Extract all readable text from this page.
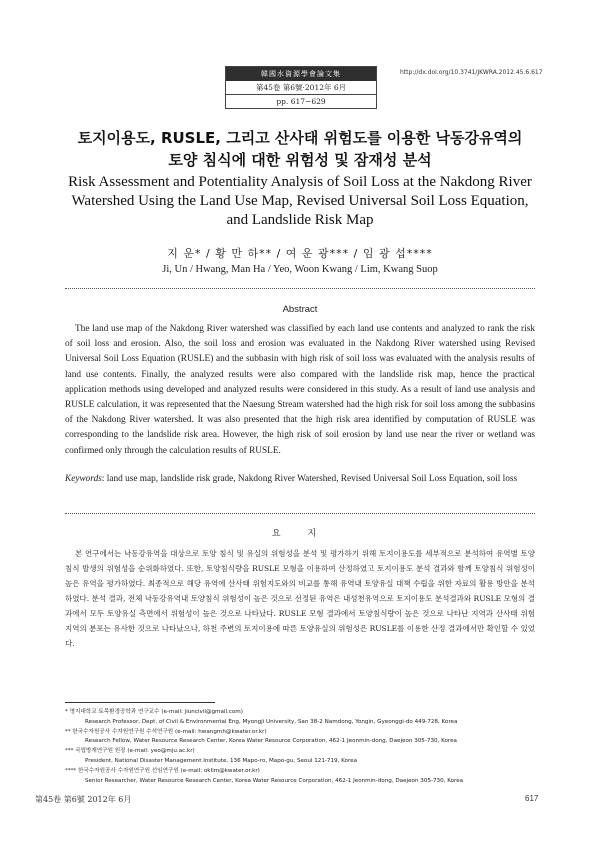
韓國水資源學會論文集
第45卷 第6號·2012年 6月
pp. 617~629
http://dx.doi.org/10.3741/JKWRA.2012.45.6.617
토지이용도, RUSLE, 그리고 산사태 위험도를 이용한 낙동강유역의
토양 침식에 대한 위험성 및 잠재성 분석
Risk Assessment and Potentiality Analysis of Soil Loss at the Nakdong River
Watershed Using the Land Use Map, Revised Universal Soil Loss Equation,
and Landslide Risk Map
지 운* / 황 만 하** / 여 운 광*** / 임 광 섭****
Ji, Un / Hwang, Man Ha / Yeo, Woon Kwang / Lim, Kwang Suop
Abstract

The land use map of the Nakdong River watershed was classified by each land use contents and analyzed to rank the risk of soil loss and erosion. Also, the soil loss and erosion was evaluated in the Nakdong River watershed using Revised Universal Soil Loss Equation (RUSLE) and the subbasin with high risk of soil loss was evaluated with the analysis results of land use contents. Finally, the analyzed results were also compared with the landslide risk map, hence the practical application methods using developed and analyzed results were considered in this study. As a result of land use analysis and RUSLE calculation, it was represented that the Naesung Stream watershed had the high risk for soil loss among the subbasins of the Nakdong River watershed. It was also presented that the high risk area identified by computation of RUSLE was corresponding to the landslide risk area. However, the high risk of soil erosion by land use near the river or wetland was confirmed only through the calculation results of RUSLE.

Keywords: land use map, landslide risk grade, Nakdong River Watershed, Revised Universal Soil Loss Equation, soil loss

요 지

본 연구에서는 낙동강유역을 대상으로 토양 침식 및 유실의 위험성을 분석 및 평가하기 위해 토지이용도를 세부적으로 분석하여 유역별 토양침식 발생의 위험성을 순위화하였다. 또한, 토양침식량을 RUSLE 모형을 이용하여 산정하였고 토지이용도 분석 결과와 함께 토양침식 위험성이 높은 유역을 평가하였다. 최종적으로 해당 유역에 산사태 위험지도와의 비교를 통해 유역내 토양유실 대책 수립을 위한 자료의 활용 방안을 분석하였다. 분석 결과, 전체 낙동강유역내 토양침식 위험성이 높은 것으로 선정된 유역은 내성천유역으로 토지이용도 분석결과와 RUSLE 모형의 결과에서 모두 토양유실 측면에서 위험성이 높은 것으로 나타났다. RUSLE 모형 결과에서 토양침식량이 높은 것으로 나타난 지역과 산사태 위험 지역의 분포는 유사한 것으로 나타났으나, 하천 주변의 토지이용에 따른 토양유실의 위험성은 RUSLE를 이용한 산정 결과에서만 확인할 수 있었다.

* 명지대학교 토목환경공학과 연구교수 (e-mail: jiuncivil@gmail.com)
Research Professor, Dept. of Civil & Environmental Eng, Myongji University, San 38-2 Namdong, Yongin, Gyeonggi-do 449-728, Korea
** 한국수자원공사 수자원연구원 수석연구원 (e-mail: hwangmh@kwater.or.kr)
Research Fellow, Water Resource Research Center, Korea Water Resource Corporation, 462-1 Jeonmin-dong, Daejeon 305-730, Korea
*** 국립방재연구원 원장 (e-mail: yeo@mju.ac.kr)
President, National Disaster Management Institute, 136 Mapo-ro, Mapo-gu, Seoul 121-719, Korea
**** 한국수자원공사 수자원연구원 선임연구원 (e-mail: oklim@kwater.or.kr)
Senior Researcher, Water Resource Research Center, Korea Water Resource Corporation, 462-1 Jeonmin-dong, Daejeon 305-730, Korea
第45卷 第6號 2012年 6月	617
